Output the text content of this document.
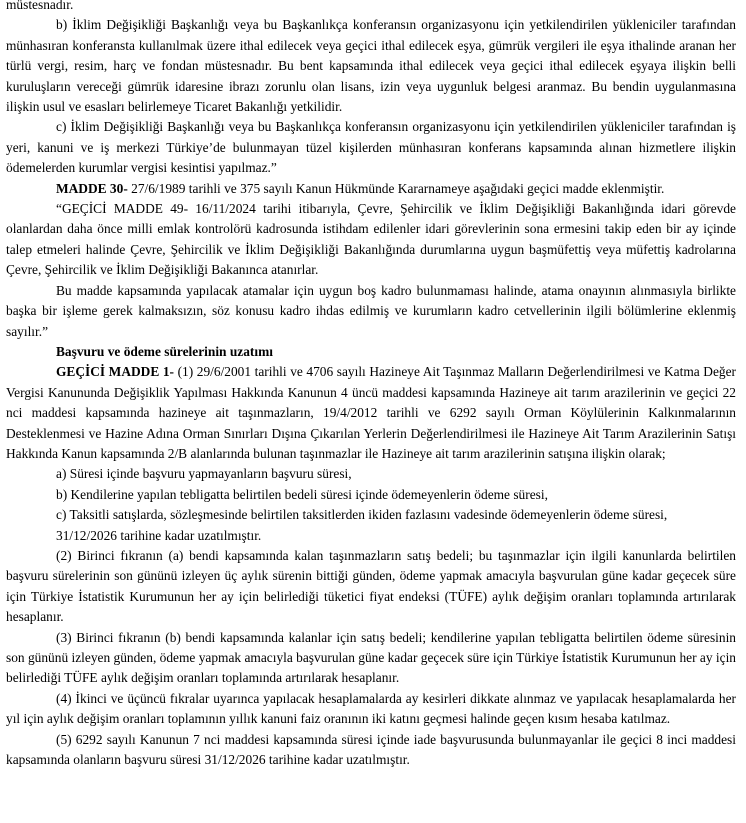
müstesnadır.

b) İklim Değişikliği Başkanlığı veya bu Başkanlıkça konferansın organizasyonu için yetkilendirilen yükleniciler tarafından münhasıran konferansta kullanılmak üzere ithal edilecek veya geçici ithal edilecek eşya, gümrük vergileri ile eşya ithalinde aranan her türlü vergi, resim, harç ve fondan müstesnadır. Bu bent kapsamında ithal edilecek veya geçici ithal edilecek eşyaya ilişkin belli kuruluşların vereceği gümrük idaresine ibrazı zorunlu olan lisans, izin veya uygunluk belgesi aranmaz. Bu bendin uygulanmasına ilişkin usul ve esasları belirlemeye Ticaret Bakanlığı yetkilidir.

c) İklim Değişikliği Başkanlığı veya bu Başkanlıkça konferansın organizasyonu için yetkilendirilen yükleniciler tarafından iş yeri, kanuni ve iş merkezi Türkiye’de bulunmayan tüzel kişilerden münhasıran konferans kapsamında alınan hizmetlere ilişkin ödemelerden kurumlar vergisi kesintisi yapılmaz.”

MADDE 30- 27/6/1989 tarihli ve 375 sayılı Kanun Hükmünde Kararnameye aşağıdaki geçici madde eklenmiştir.

“GEÇİCİ MADDE 49- 16/11/2024 tarihi itibarıyla, Çevre, Şehircilik ve İklim Değişikliği Bakanlığında idari görevde olanlardan daha önce milli emlak kontrolörü kadrosunda istihdam edilenler idari görevlerinin sona ermesini takip eden bir ay içinde talep etmeleri halinde Çevre, Şehircilik ve İklim Değişikliği Bakanlığında durumlarına uygun başmüfettiş veya müfettiş kadrolarına Çevre, Şehircilik ve İklim Değişikliği Bakanınca atanırlar.

Bu madde kapsamında yapılacak atamalar için uygun boş kadro bulunmaması halinde, atama onayının alınmasıyla birlikte başka bir işleme gerek kalmaksızın, söz konusu kadro ihdas edilmiş ve kurumların kadro cetvellerinin ilgili bölümlerine eklenmiş sayılır.”

Başvuru ve ödeme sürelerinin uzatımı

GEÇİCİ MADDE 1- (1) 29/6/2001 tarihli ve 4706 sayılı Hazineye Ait Taşınmaz Malların Değerlendirilmesi ve Katma Değer Vergisi Kanununda Değişiklik Yapılması Hakkında Kanunun 4 üncü maddesi kapsamında Hazineye ait tarım arazilerinin ve geçici 22 nci maddesi kapsamında hazineye ait taşınmazların, 19/4/2012 tarihli ve 6292 sayılı Orman Köylülerinin Kalkınmalarının Desteklenmesi ve Hazine Adına Orman Sınırları Dışına Çıkarılan Yerlerin Değerlendirilmesi ile Hazineye Ait Tarım Arazilerinin Satışı Hakkında Kanun kapsamında 2/B alanlarında bulunan taşınmazlar ile Hazineye ait tarım arazilerinin satışına ilişkin olarak;

a) Süresi içinde başvuru yapmayanların başvuru süresi,

b) Kendilerine yapılan tebligatta belirtilen bedeli süresi içinde ödemeyenlerin ödeme süresi,

c) Taksitli satışlarda, sözleşmesinde belirtilen taksitlerden ikiden fazlasını vadesinde ödemeyenlerin ödeme süresi,

31/12/2026 tarihine kadar uzatılmıştır.

(2) Birinci fıkranın (a) bendi kapsamında kalan taşınmazların satış bedeli; bu taşınmazlar için ilgili kanunlarda belirtilen başvuru sürelerinin son gününü izleyen üç aylık sürenin bittiği günden, ödeme yapmak amacıyla başvurulan güne kadar geçecek süre için Türkiye İstatistik Kurumunun her ay için belirlediği tüketici fiyat endeksi (TÜFE) aylık değişim oranları toplamında artırılarak hesaplanır.

(3) Birinci fıkranın (b) bendi kapsamında kalanlar için satış bedeli; kendilerine yapılan tebligatta belirtilen ödeme süresinin son gününü izleyen günden, ödeme yapmak amacıyla başvurulan güne kadar geçecek süre için Türkiye İstatistik Kurumunun her ay için belirlediği TÜFE aylık değişim oranları toplamında artırılarak hesaplanır.

(4) İkinci ve üçüncü fıkralar uyarınca yapılacak hesaplamalarda ay kesirleri dikkate alınmaz ve yapılacak hesaplamalarda her yıl için aylık değişim oranları toplamının yıllık kanuni faiz oranının iki katını geçmesi halinde geçen kısım hesaba katılmaz.

(5) 6292 sayılı Kanunun 7 nci maddesi kapsamında süresi içinde iade başvurusunda bulunmayanlar ile geçici 8 inci maddesi kapsamında olanların başvuru süresi 31/12/2026 tarihine kadar uzatılmıştır.
